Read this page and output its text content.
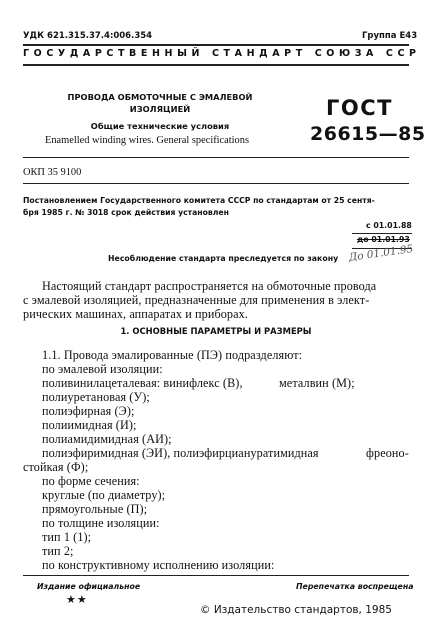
УДК 621.315.37.4:006.354	Группа Е43
ГОСУДАРСТВЕННЫЙ СТАНДАРТ СОЮЗА ССР
ПРОВОДА ОБМОТОЧНЫЕ С ЭМАЛЕВОЙ
ИЗОЛЯЦИЕЙ
Общие технические условия
Enamelled winding wires. General specifications
ГОСТ
26615—85
ОКП 35 9100
Постановлением Государственного комитета СССР по стандартам от 25 сентя-
бря 1985 г. № 3018 срок действия установлен
с 01.01.88
до 01.01.93
Несоблюдение стандарта преследуется по закону До 01.01.95
Настоящий стандарт распространяется на обмоточные провода
с эмалевой изоляцией, предназначенные для применения в элект-
рических машинах, аппаратах и приборах.
1. ОСНОВНЫЕ ПАРАМЕТРЫ И РАЗМЕРЫ
1.1. Провода эмалированные (ПЭ) подразделяют:
по эмалевой изоляции:
поливинилацеталевая: винифлекс (В),	металвин (М);
полиуретановая (У);
полиэфирная (Э);
полиимидная (И);
полиамидимидная (АИ);
полиэфиримидная (ЭИ), полиэфирциануратимидная	фреоно-
стойкая (Ф);
по форме сечения:
круглые (по диаметру);
прямоугольные (П);
по толщине изоляции:
тип 1 (1);
тип 2;
по конструктивному исполнению изоляции:
Издание официальное	Перепечатка воспрещена
★★
© Издательство стандартов, 1985
